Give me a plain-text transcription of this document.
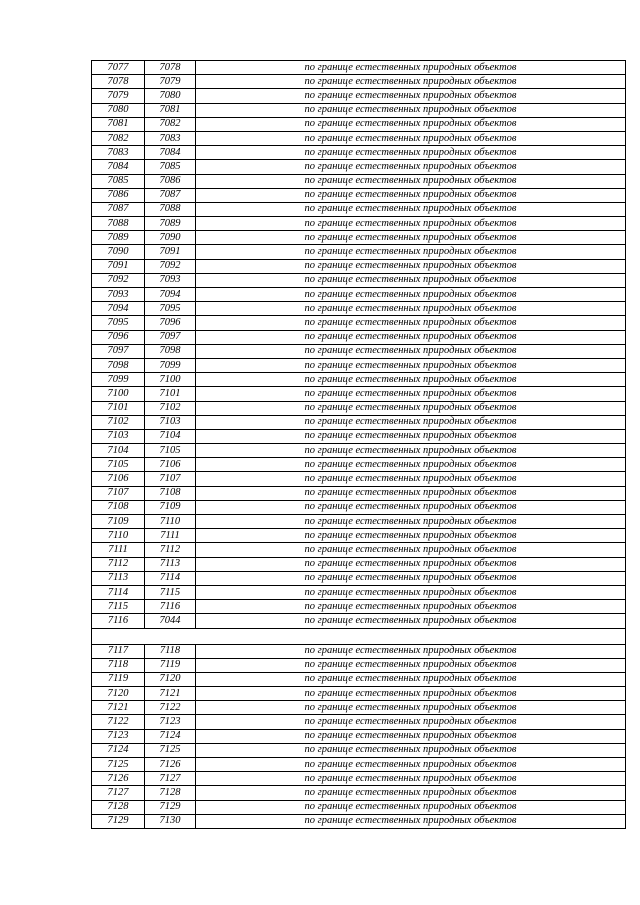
7077	7078	по границе естественных природных объектов
7078	7079	по границе естественных природных объектов
7079	7080	по границе естественных природных объектов
7080	7081	по границе естественных природных объектов
7081	7082	по границе естественных природных объектов
7082	7083	по границе естественных природных объектов
7083	7084	по границе естественных природных объектов
7084	7085	по границе естественных природных объектов
7085	7086	по границе естественных природных объектов
7086	7087	по границе естественных природных объектов
7087	7088	по границе естественных природных объектов
7088	7089	по границе естественных природных объектов
7089	7090	по границе естественных природных объектов
7090	7091	по границе естественных природных объектов
7091	7092	по границе естественных природных объектов
7092	7093	по границе естественных природных объектов
7093	7094	по границе естественных природных объектов
7094	7095	по границе естественных природных объектов
7095	7096	по границе естественных природных объектов
7096	7097	по границе естественных природных объектов
7097	7098	по границе естественных природных объектов
7098	7099	по границе естественных природных объектов
7099	7100	по границе естественных природных объектов
7100	7101	по границе естественных природных объектов
7101	7102	по границе естественных природных объектов
7102	7103	по границе естественных природных объектов
7103	7104	по границе естественных природных объектов
7104	7105	по границе естественных природных объектов
7105	7106	по границе естественных природных объектов
7106	7107	по границе естественных природных объектов
7107	7108	по границе естественных природных объектов
7108	7109	по границе естественных природных объектов
7109	7110	по границе естественных природных объектов
7110	7111	по границе естественных природных объектов
7111	7112	по границе естественных природных объектов
7112	7113	по границе естественных природных объектов
7113	7114	по границе естественных природных объектов
7114	7115	по границе естественных природных объектов
7115	7116	по границе естественных природных объектов
7116	7044	по границе естественных природных объектов

7117	7118	по границе естественных природных объектов
7118	7119	по границе естественных природных объектов
7119	7120	по границе естественных природных объектов
7120	7121	по границе естественных природных объектов
7121	7122	по границе естественных природных объектов
7122	7123	по границе естественных природных объектов
7123	7124	по границе естественных природных объектов
7124	7125	по границе естественных природных объектов
7125	7126	по границе естественных природных объектов
7126	7127	по границе естественных природных объектов
7127	7128	по границе естественных природных объектов
7128	7129	по границе естественных природных объектов
7129	7130	по границе естественных природных объектов
